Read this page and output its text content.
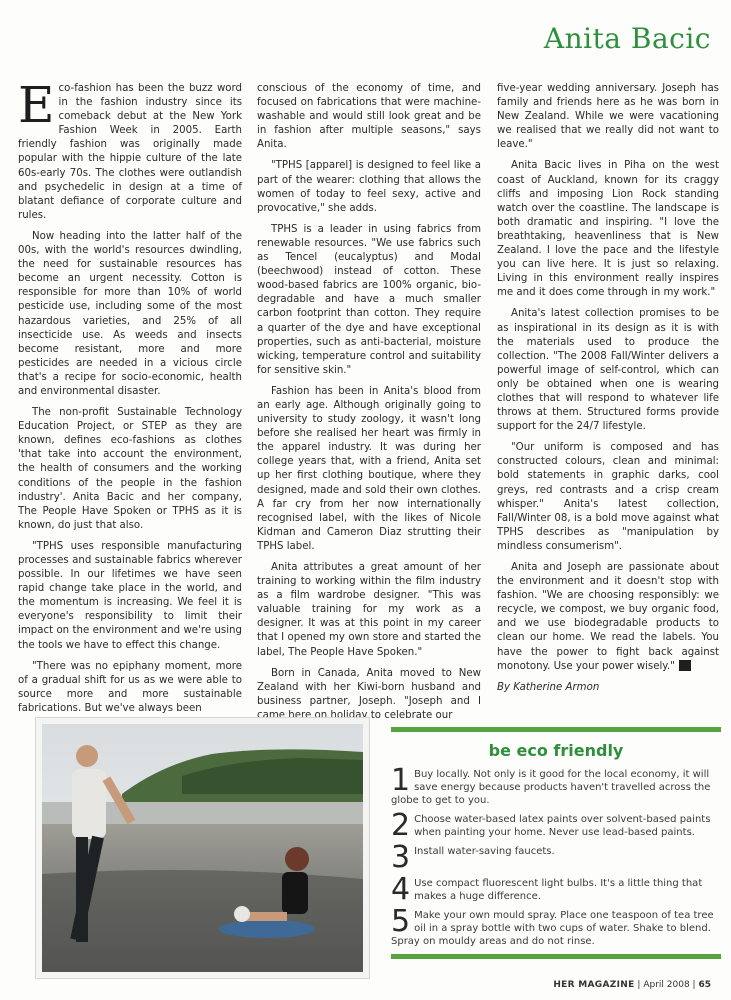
Anita Bacic

Eco-fashion has been the buzz word in the fashion industry since its comeback debut at the New York Fashion Week in 2005. Earth friendly fashion was originally made popular with the hippie culture of the late 60s-early 70s. The clothes were outlandish and psychedelic in design at a time of blatant defiance of corporate culture and rules.

Now heading into the latter half of the 00s, with the world's resources dwindling, the need for sustainable resources has become an urgent necessity. Cotton is responsible for more than 10% of world pesticide use, including some of the most hazardous varieties, and 25% of all insecticide use. As weeds and insects become resistant, more and more pesticides are needed in a vicious circle that's a recipe for socio-economic, health and environmental disaster.

The non-profit Sustainable Technology Education Project, or STEP as they are known, defines eco-fashions as clothes 'that take into account the environment, the health of consumers and the working conditions of the people in the fashion industry'. Anita Bacic and her company, The People Have Spoken or TPHS as it is known, do just that also.

"TPHS uses responsible manufacturing processes and sustainable fabrics wherever possible. In our lifetimes we have seen rapid change take place in the world, and the momentum is increasing. We feel it is everyone's responsibility to limit their impact on the environment and we're using the tools we have to effect this change.

"There was no epiphany moment, more of a gradual shift for us as we were able to source more and more sustainable fabrications. But we've always been

conscious of the economy of time, and focused on fabrications that were machine-washable and would still look great and be in fashion after multiple seasons," says Anita.

"TPHS [apparel] is designed to feel like a part of the wearer: clothing that allows the women of today to feel sexy, active and provocative," she adds.

TPHS is a leader in using fabrics from renewable resources. "We use fabrics such as Tencel (eucalyptus) and Modal (beechwood) instead of cotton. These wood-based fabrics are 100% organic, bio-degradable and have a much smaller carbon footprint than cotton. They require a quarter of the dye and have exceptional properties, such as anti-bacterial, moisture wicking, temperature control and suitability for sensitive skin."

Fashion has been in Anita's blood from an early age. Although originally going to university to study zoology, it wasn't long before she realised her heart was firmly in the apparel industry. It was during her college years that, with a friend, Anita set up her first clothing boutique, where they designed, made and sold their own clothes. A far cry from her now internationally recognised label, with the likes of Nicole Kidman and Cameron Diaz strutting their TPHS label.

Anita attributes a great amount of her training to working within the film industry as a film wardrobe designer. "This was valuable training for my work as a designer. It was at this point in my career that I opened my own store and started the label, The People Have Spoken."

Born in Canada, Anita moved to New Zealand with her Kiwi-born husband and business partner, Joseph. "Joseph and I came here on holiday to celebrate our

five-year wedding anniversary. Joseph has family and friends here as he was born in New Zealand. While we were vacationing we realised that we really did not want to leave."

Anita Bacic lives in Piha on the west coast of Auckland, known for its craggy cliffs and imposing Lion Rock standing watch over the coastline. The landscape is both dramatic and inspiring. "I love the breathtaking, heavenliness that is New Zealand. I love the pace and the lifestyle you can live here. It is just so relaxing. Living in this environment really inspires me and it does come through in my work."

Anita's latest collection promises to be as inspirational in its design as it is with the materials used to produce the collection. "The 2008 Fall/Winter delivers a powerful image of self-control, which can only be obtained when one is wearing clothes that will respond to whatever life throws at them. Structured forms provide support for the 24/7 lifestyle.

"Our uniform is composed and has constructed colours, clean and minimal: bold statements in graphic darks, cool greys, red contrasts and a crisp cream whisper." Anita's latest collection, Fall/Winter 08, is a bold move against what TPHS describes as "manipulation by mindless consumerism".

Anita and Joseph are passionate about the environment and it doesn't stop with fashion. "We are choosing responsibly: we recycle, we compost, we buy organic food, and we use biodegradable products to clean our home. We read the labels. You have the power to fight back against monotony. Use your power wisely."	her

By Katherine Armon

be eco friendly
1 Buy locally. Not only is it good for the local economy, it will save energy because products haven't travelled across the globe to get to you.
2 Choose water-based latex paints over solvent-based paints when painting your home. Never use lead-based paints.
3 Install water-saving faucets.
4 Use compact fluorescent light bulbs. It's a little thing that makes a huge difference.
5 Make your own mould spray. Place one teaspoon of tea tree oil in a spray bottle with two cups of water. Shake to blend. Spray on mouldy areas and do not rinse.
HER MAGAZINE | April 2008 | 65
